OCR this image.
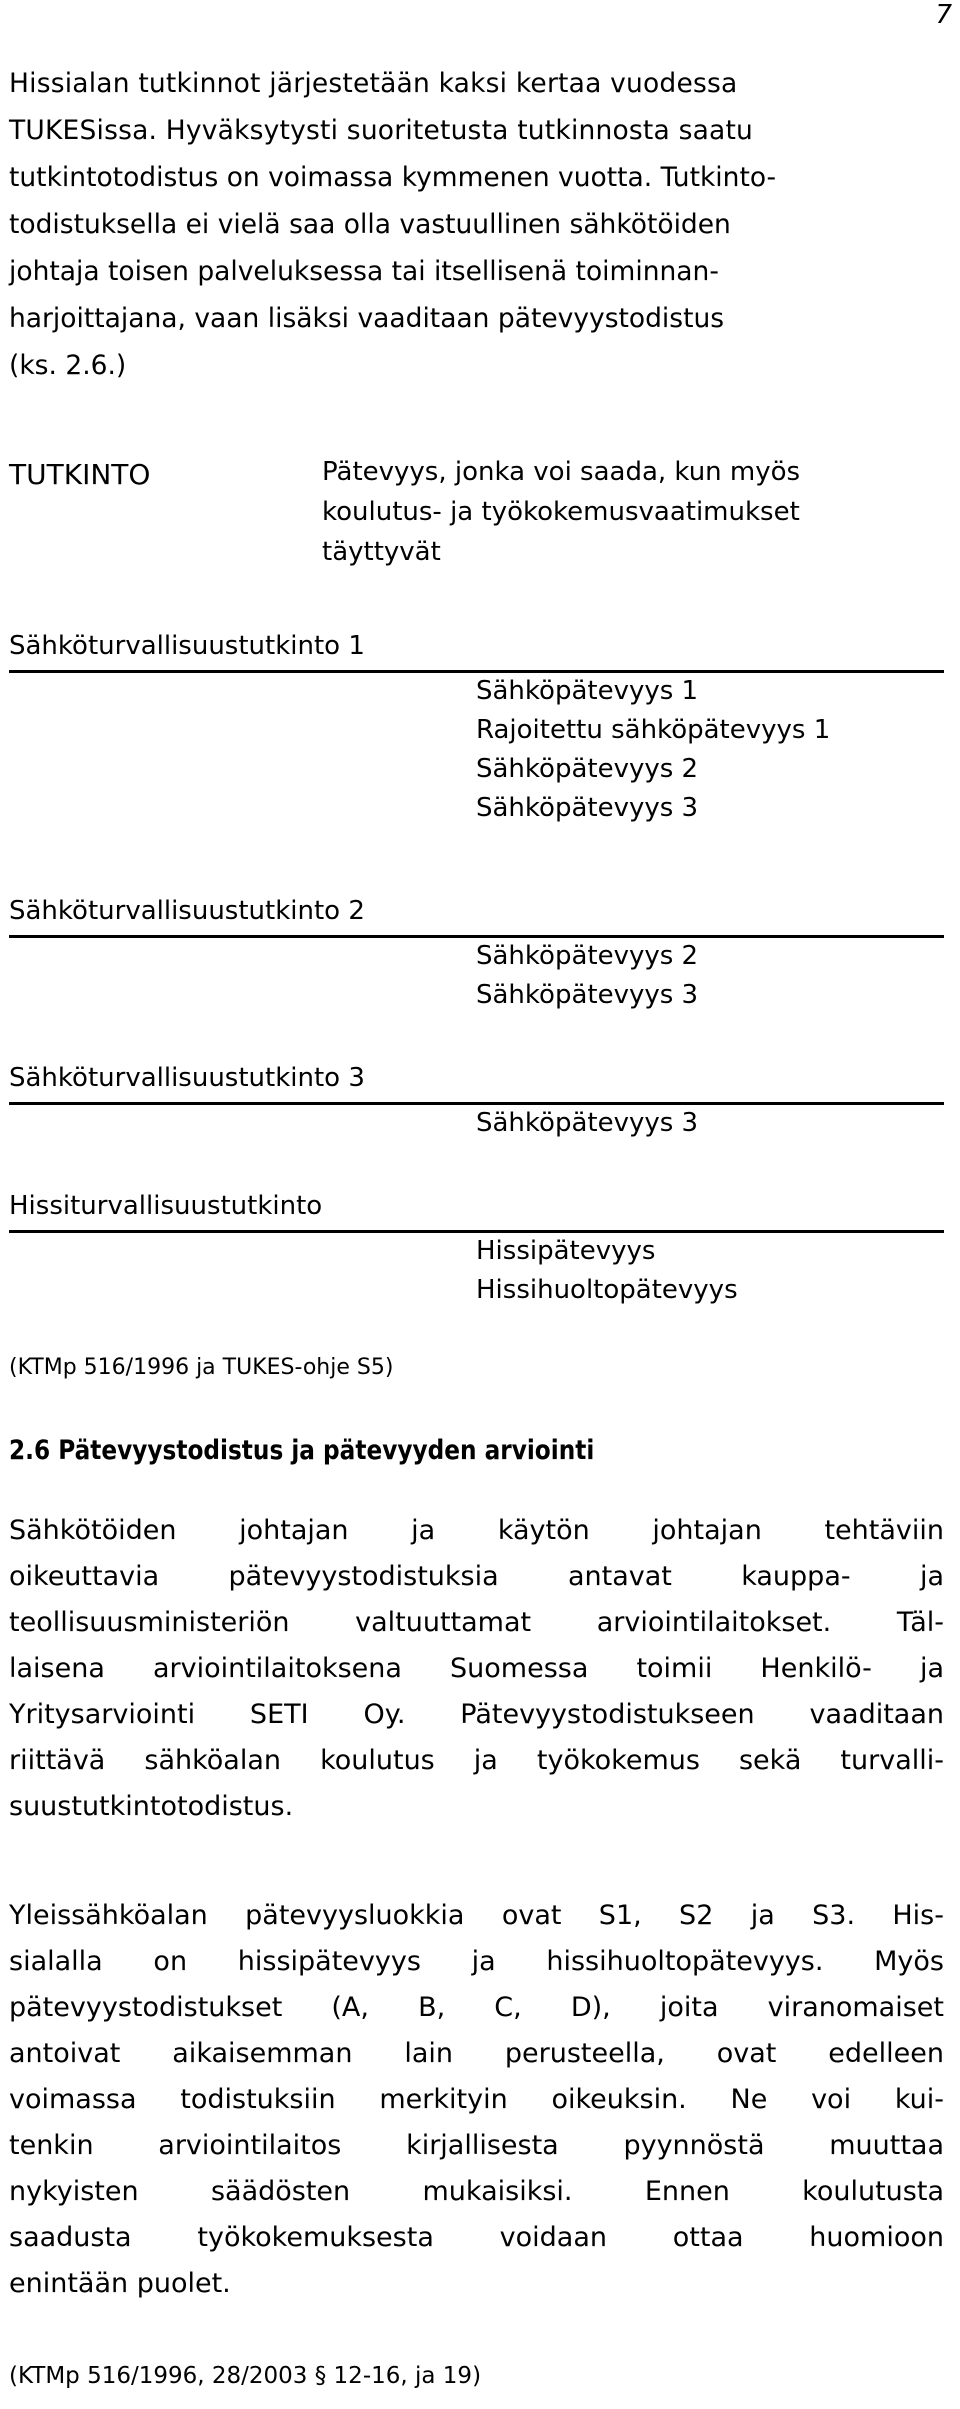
7
Hissialan tutkinnot järjestetään kaksi kertaa vuodessa
TUKESissa. Hyväksytysti suoritetusta tutkinnosta saatu
tutkintotodistus on voimassa kymmenen vuotta. Tutkinto-
todistuksella ei vielä saa olla vastuullinen sähkötöiden
johtaja toisen palveluksessa tai itsellisenä toiminnan-
harjoittajana, vaan lisäksi vaaditaan pätevyystodistus
(ks. 2.6.)
TUTKINTO	Pätevyys, jonka voi saada, kun myös
koulutus- ja työkokemusvaatimukset
täyttyvät
Sähköturvallisuustutkinto 1
Sähköpätevyys 1
Rajoitettu sähköpätevyys 1
Sähköpätevyys 2
Sähköpätevyys 3
Sähköturvallisuustutkinto 2
Sähköpätevyys 2
Sähköpätevyys 3
Sähköturvallisuustutkinto 3
Sähköpätevyys 3
Hissiturvallisuustutkinto
Hissipätevyys
Hissihuoltopätevyys
(KTMp 516/1996 ja TUKES-ohje S5)
2.6 Pätevyystodistus ja pätevyyden arviointi
Sähkötöiden johtajan ja käytön johtajan tehtäviin
oikeuttavia pätevyystodistuksia antavat kauppa- ja
teollisuusministeriön valtuuttamat arviointilaitokset. Täl-
laisena arviointilaitoksena Suomessa toimii Henkilö- ja
Yritysarviointi SETI Oy. Pätevyystodistukseen vaaditaan
riittävä sähköalan koulutus ja työkokemus sekä turvalli-
suustutkintotodistus.
Yleissähköalan pätevyysluokkia ovat S1, S2 ja S3. His-
sialalla on hissipätevyys ja hissihuoltopätevyys. Myös
pätevyystodistukset (A, B, C, D), joita viranomaiset
antoivat aikaisemman lain perusteella, ovat edelleen
voimassa todistuksiin merkityin oikeuksin. Ne voi kui-
tenkin arviointilaitos kirjallisesta pyynnöstä muuttaa
nykyisten säädösten mukaisiksi. Ennen koulutusta
saadusta työkokemuksesta voidaan ottaa huomioon
enintään puolet.
(KTMp 516/1996, 28/2003 § 12-16, ja 19)
